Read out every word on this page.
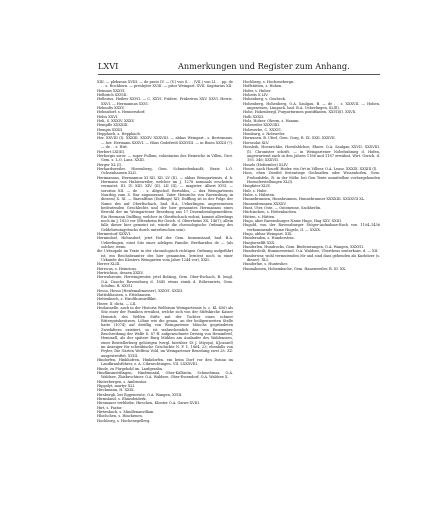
LXVI	Anmerkungen und Register zum Anhang.

XIII. — plebanus XVIII. — de prato IV. — (V.) von S. . . (VII.) von Ll. . . pp. de . . s. Hochborn. — presbyter XVIII. — prior Weingart. XVII. Sagitarius XII.

Heinnus XXXVI.

Helbirich XXVIII.

Hellerius, Heiber XXVII. — C. XXVI. Friderc. Friderirus XXV. XXVI. Herric. XXVI. — Hermannus XXVI.

Helmolts XXXV.

Helmsdorf, s. Hennersdorf.

Helos XXVI.

Heli, S. XXXIV. XXXV.

Hempfle XXXXIII.

Hempis XXXII.

Hepphach, s. Heppbach.

Her. XXVIII (I). XXXIII. XXXIV. XXXVIII. — abbas Weingart., s. Bertrannus. — her. Hermann XXXVI. — filius Godefredi XXXVIII. — in Bisen XXXII (?). — de . . s. Hirt.

Herbert LXI(II).

Herborgis soror. — super Pullum, voluntarius des Heinriche in Villen, Grot. Gem. s. L.O. Lanz. XXIII.

Herger XL (I).

Herhardsweiler, Hirzenberg, Gem. Schmiedenhaußt, Bezir. L.O. Ochsenhausen XLII.

Herimannus, Hermannus XI XII. XII. LV (II). — abbas Weingartensis, d. h. Hermann von Hubiesweiler, welcher im J. 1278 nominals erscheinte vermutet, III. IV. XIII. XIV. (II). LII (II), — magister. Albert XVII. — sororius XII. — de . . s. Altgschof, Bertoldus, — dux Weingartensis Naurbig zum S. Bar augumerant. Vater Heinrichs von Ravensburg in diesem) X. XI. — Barealftins (Duffings) XII; Duffling ist in der Folge der Name des auf Oberfischach, bad. B.A. Ueberlingen, angesessenen bedeutenden Geschlechts und der hier genanntes Hermannus eines Bewohl der im Weingartener Besedung aus 17 Dezemberabgemerkten. Ein Hermann Duffling, welcher in Oberfischach wohnt, kommt allerdings noch im J. 1820 vor (Ettenheim für Gesch. d. Oberrheins XX, 1467); allein falls dieser hier gemeint ist, würde die chronologische Ordnung des Geldehrentagebuchs durch unterbrochen sein).

Hermestorf XXXVI.

Hernindorf, Hehnsdorf, jetzt Hof der Gem. Immenstaad, bad. B.A. Ueberlingen, einst Sitz einer adeligen Familie, Bertharidus de — (als solcher, wenn

die Urbsopale im Texte in der chronologisch richtigen Ordnung aufgeführt ist, ein Reichsbeamter des hier genannten, lerntest noch in einer Urkunde des Klosters Weingarten vom Jahre 1244 vor), XXII.

Herrer XLIII.

Herricus, s. Heinricus.

Hertrichius, dessen XXXV.

Herwalsreute, Herwingreuter, jetzt Bolzing, Gem. Ober-Eschach, B. (engl. O.A. Daochs Ravensburg d. 1845 etwas stunk d. Röhrenriets, Gem. Schiltm. B. XXVII.

Hesso, Hesso (Hezfemaltmesser), XXXVI. XXXII.

Hattishhausen, s. Ettishausen.

Hettenkirch, s. Hirolthurnwillikit.

Hezer, II. dicta. — LII.

Hezlannelle, auch in der Historia Welforum Weingartensis (s. c. Kl. 456) als Sitz einer der Familien erwähnt, welche sich von der Stiftskirche Kaiser Heinrich des Welfen Stifts mit der Tochter eines schmer Rittergutsbesitzers, Löhne wie die genau, an der heiligenwerten Stelle hatte (1074) auf dreiflig von Weingartener Mönchs gegründeten Zwiefaltern existiert, so ist wahrscheinlich das von Emmenger, Beschreibung der Welfe S. 87 ff. aufgezeichnete Dreieig von Heminfestl, Heminell, als der spätere Burg Mühlen am Auslaufer des Waldensees, einer Beistellerburg gehörigen (vergl. hierüber 18 J. Miyoya), KJcunzel) im Anzeiger für schwäbische Geschichte N. F. 1, 1864, 23; ebenfalls von Feyler, Die Gärten Welfesa Vold, im Weingartener Besedung zwei 28. ZZ. ausgestreiftet. XVIII.

Hindorfen, Hinkhofren, Hinkdorfen, ein beim Dorf vor den Donau im Landkraulsführer, z. A. Cihrnechtingen, VII. LXXXVIII.

Hinde, zu Fürgehold im. Laufgeraba.

Hindlinsmettfingen, Hindrimatal, Ober-Kälbrotn, Schmehmaa, O.A. Waldsee, Zhisbrochtner. O.A. Waldsee, Ober-Essendorf, O.A. Waldsee X.

Hinterbergen, s. Ambrosius.

Hippolyt, martyr XLI.

Hirchmann, H. XXIX.

Hirsbergh, bei Eggenreute, O.A. Wangen, XVIII.

Hirmsland, s. Ehmsdeiderk.

Hirsmauer verbliebe, Hirschen, Klonter O.A. Gaiwe XVIII.

Hirt, s. Pastor.

Hirtenbach, s. Mindlenanvillam.

Hlochchen, s. Hinchenen.

Hochborg, s. Hochenegellerg.

Hochberg, s. Hochenebergn.

Hoffstätten, s. Hohen.

Hofer, s. Huber.

Hoheits X LIV.

Hohenberg, s. Geubeck.

Hohenberg, Hohenberg, O.A. Saulgau, B. — de . . s. XXXVII. — Hohen, angesessen, Limpach, bad. B.A. Ueberlingen, XL(ll).

Hohe, Hohenbergl, Purpurturmen pontifikaten, XXVII(I). XXVII.

Holh XXXII.

Holz, Holzer. Oberm, s. Haaum.

Holzweiler XXXVIIII.

Holzwerbe, C. XXXVI.

Homburg, s. Holzweler.

Hornunen, B. Uferl, Gem. Gorg, R. IX. XXII. XXXVII.

Horseolat XLV.

Hossleib, Hoenrichbe, Hoesfahlchoe, Ebner. O.A. Saulgau XXVII. XXXVIII. (l). Chronister schrift. — in Weingartener Nobelrahmeg d. Hofen, angewartend auch in den Jahren 1186 und 1187 erwähnt, Wirt. Gerich. d. 193. 346; XXXVII.

Hoselo (Hoformles) XLIV.

Houre, nach Houeff. Hoder, ein Ort in Villenr, O.A. Leasz. XXXIX. XXXIII (l).

Hoss, ehen Zweifel festentiege Gecksaften oder Wissenhofen, Gem. Frohndsfeln, R. in der Möhr. bei Gen Texte unmittelbar vorhergehenden Hoenelerstellungen XL(I).

Huigfater XLIV.

Hub, s. Hube.

Hube, s. Hübsten.

Hunnebrunnen, Hunsbrunnen, Hunnebrunner XXXXIII. XXXXVII XL.

Hunnenbrunnen XXXXV.

Hunt, Uter, Oste. — Ontonenne, Sackherlin.

Hüchinchen, s. Höttenbachen.

Hütten, s. Hütten.

Hugo, aber Ravensburger Name Hugo, Hag XXV. XXIII.

Hugold, von der Ravensburger Stöger-Aufnahme-Buch von 1104–1456 verkommende Name Hugelo, II. — XXXX.

Hugo, abbas Weingart. XIX.

Hunderaden, s. Hundersteia.

Hunjtorsellft XXX.

Hunderlen, Hundrocks, Gem. Biedenwangen, O.A. Wangen, XXXVII.

Hundersleilt, Hummerswind. O.A. Waldsee, Ubertheus senterkonv. d. — XII.

Hunderwar, wohl vermutenden Mr und sind dass gehenden als Kurbitzer (s. dieser). XLI.

Hunderlue, s. Hunteslier.

Hunnahonen, Hohembache, Gem. Hanenweiler, R. XI. XX.
